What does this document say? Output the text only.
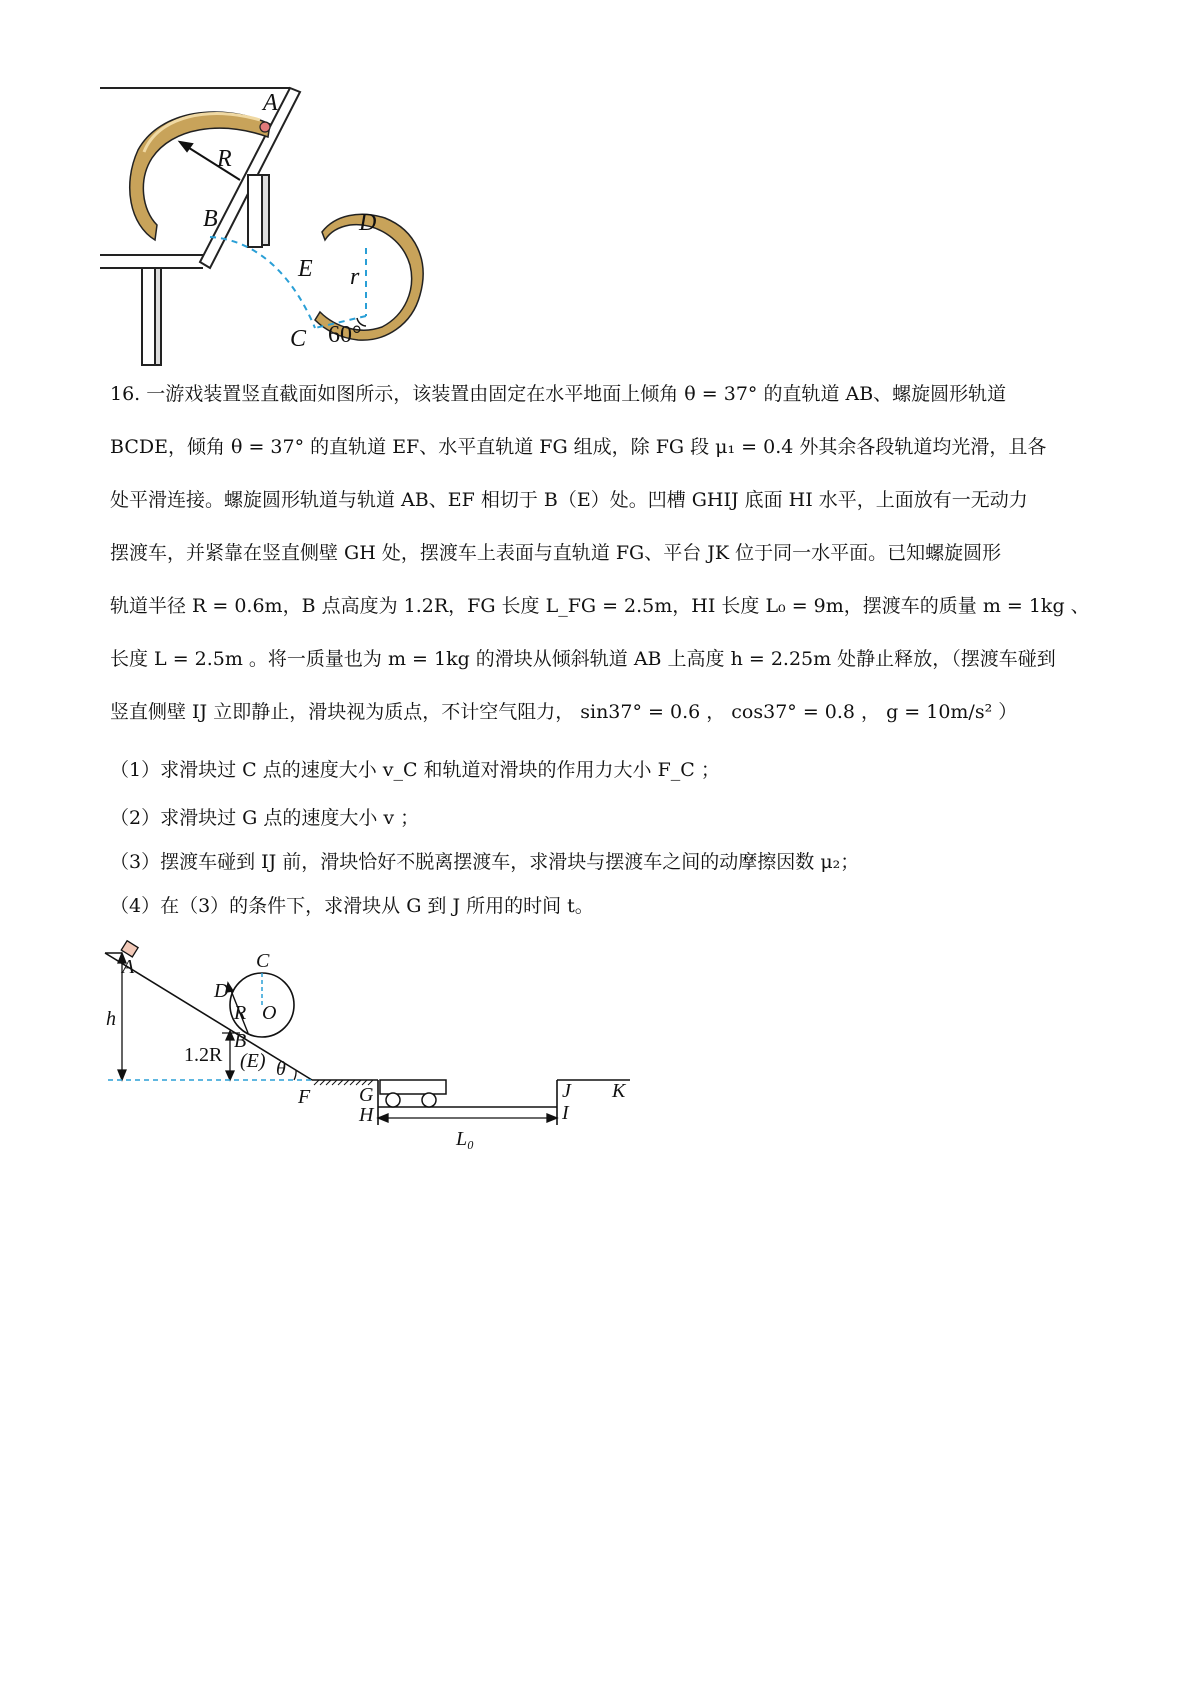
A
R
B	D
E r
C 60°
16. 一游戏装置竖直截面如图所示，该装置由固定在水平地面上倾角 θ = 37° 的直轨道 AB、螺旋圆形轨道
BCDE，倾角 θ = 37° 的直轨道 EF、水平直轨道 FG 组成，除 FG 段 μ₁ = 0.4 外其余各段轨道均光滑，且各
处平滑连接。螺旋圆形轨道与轨道 AB、EF 相切于 B（E）处。凹槽 GHIJ 底面 HI 水平，上面放有一无动力
摆渡车，并紧靠在竖直侧壁 GH 处，摆渡车上表面与直轨道 FG、平台 JK 位于同一水平面。已知螺旋圆形
轨道半径 R = 0.6m，B 点高度为 1.2R，FG 长度 L_FG = 2.5m，HI 长度 L₀ = 9m，摆渡车的质量 m = 1kg 、
长度 L = 2.5m 。将一质量也为 m = 1kg 的滑块从倾斜轨道 AB 上高度 h = 2.25m 处静止释放，（摆渡车碰到
竖直侧壁 IJ 立即静止，滑块视为质点，不计空气阻力， sin37° = 0.6 ， cos37° = 0.8 ， g = 10m/s² ）
（1）求滑块过 C 点的速度大小 v_C 和轨道对滑块的作用力大小 F_C ；
（2）求滑块过 G 点的速度大小 v ；
（3）摆渡车碰到 IJ 前，滑块恰好不脱离摆渡车，求滑块与摆渡车之间的动摩擦因数 μ₂；
（4）在（3）的条件下，求滑块从 G 到 J 所用的时间 t。
A
h
C
D
R O
B
1.2R (E) θ
F G
H
J
I
K
L₀
